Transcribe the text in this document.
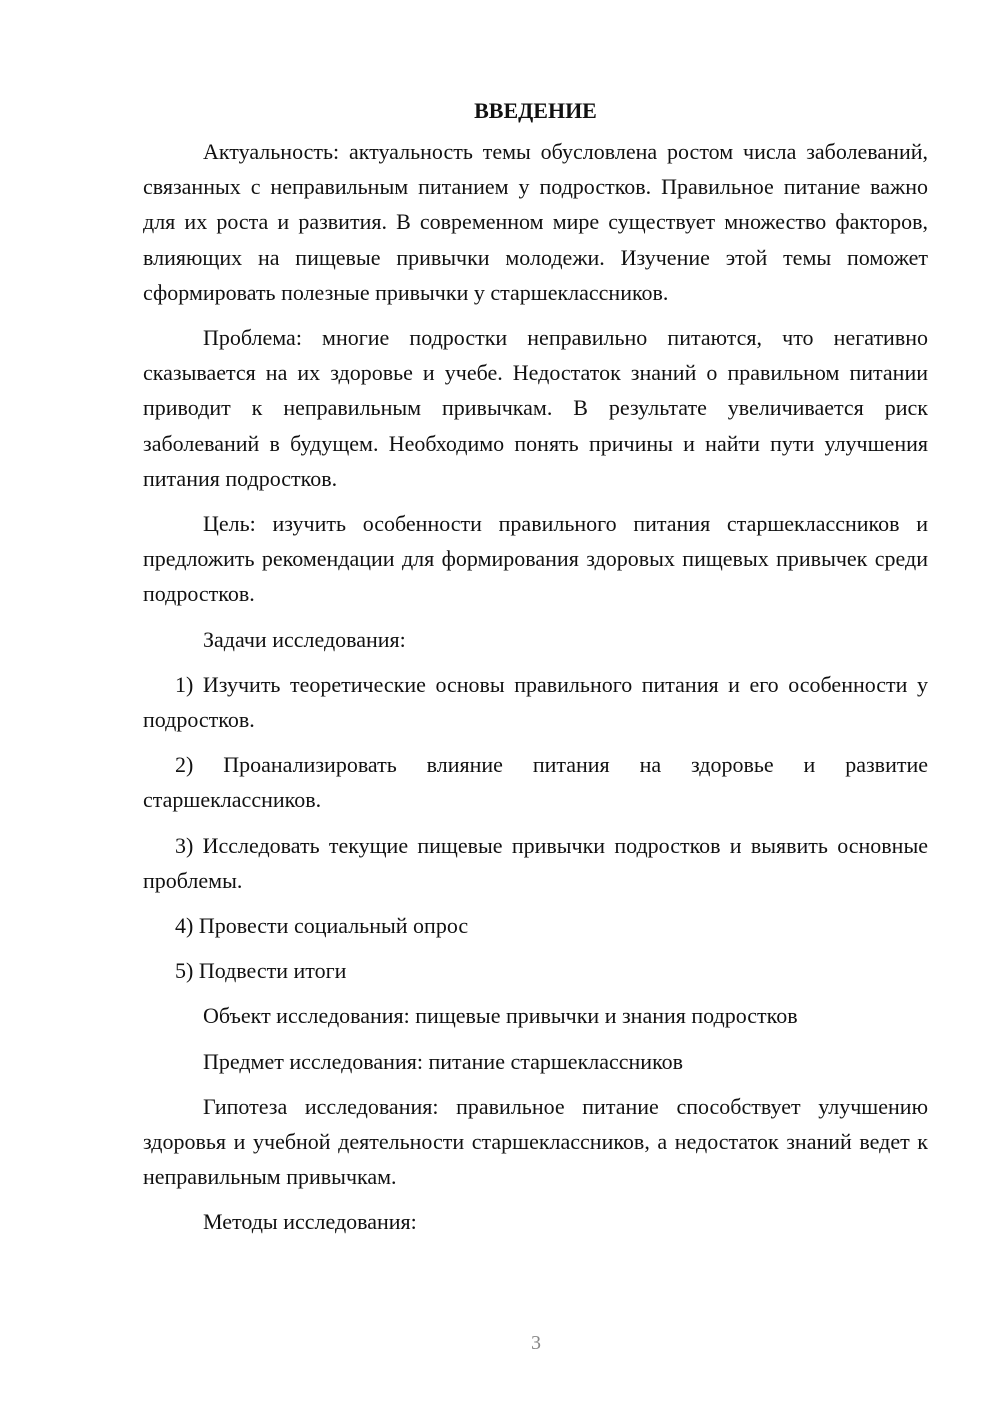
ВВЕДЕНИЕ

Актуальность: актуальность темы обусловлена ростом числа заболеваний, связанных с неправильным питанием у подростков. Правильное питание важно для их роста и развития. В современном мире существует множество факторов, влияющих на пищевые привычки молодежи. Изучение этой темы поможет сформировать полезные привычки у старшеклассников.

Проблема: многие подростки неправильно питаются, что негативно сказывается на их здоровье и учебе. Недостаток знаний о правильном питании приводит к неправильным привычкам. В результате увеличивается риск заболеваний в будущем. Необходимо понять причины и найти пути улучшения питания подростков.

Цель: изучить особенности правильного питания старшеклассников и предложить рекомендации для формирования здоровых пищевых привычек среди подростков.

Задачи исследования:

1) Изучить теоретические основы правильного питания и его особенности у подростков.

2) Проанализировать влияние питания на здоровье и развитие старшеклассников.

3) Исследовать текущие пищевые привычки подростков и выявить основные проблемы.

4) Провести социальный опрос

5) Подвести итоги

Объект исследования: пищевые привычки и знания подростков

Предмет исследования: питание старшеклассников

Гипотеза исследования: правильное питание способствует улучшению здоровья и учебной деятельности старшеклассников, а недостаток знаний ведет к неправильным привычкам.

Методы исследования:

3
